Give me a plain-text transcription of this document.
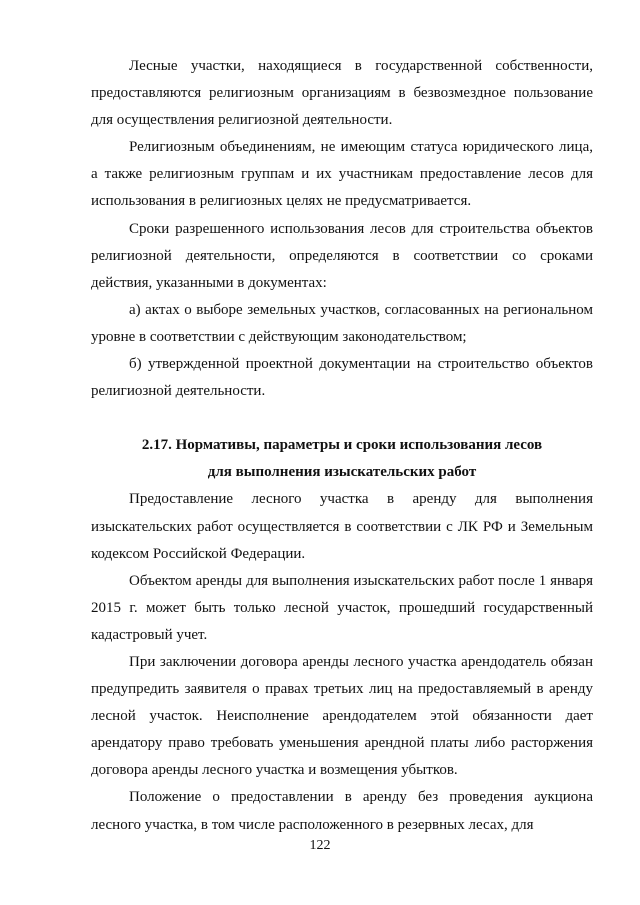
Лесные участки, находящиеся в государственной собственности, предоставляются религиозным организациям в безвозмездное пользование для осуществления религиозной деятельности.

Религиозным объединениям, не имеющим статуса юридического лица, а также религиозным группам и их участникам предоставление лесов для использования в религиозных целях не предусматривается.

Сроки разрешенного использования лесов для строительства объектов религиозной деятельности, определяются в соответствии со сроками действия, указанными в документах:

а) актах о выборе земельных участков, согласованных на региональном уровне в соответствии с действующим законодательством;

б) утвержденной проектной документации на строительство объектов религиозной деятельности.

2.17. Нормативы, параметры и сроки использования лесов
для выполнения изыскательских работ

Предоставление лесного участка в аренду для выполнения изыскательских работ осуществляется в соответствии с ЛК РФ и Земельным кодексом Российской Федерации.

Объектом аренды для выполнения изыскательских работ после 1 января 2015 г. может быть только лесной участок, прошедший государственный кадастровый учет.

При заключении договора аренды лесного участка арендодатель обязан предупредить заявителя о правах третьих лиц на предоставляемый в аренду лесной участок. Неисполнение арендодателем этой обязанности дает арендатору право требовать уменьшения арендной платы либо расторжения договора аренды лесного участка и возмещения убытков.

Положение о предоставлении в аренду без проведения аукциона лесного участка, в том числе расположенного в резервных лесах, для

122
